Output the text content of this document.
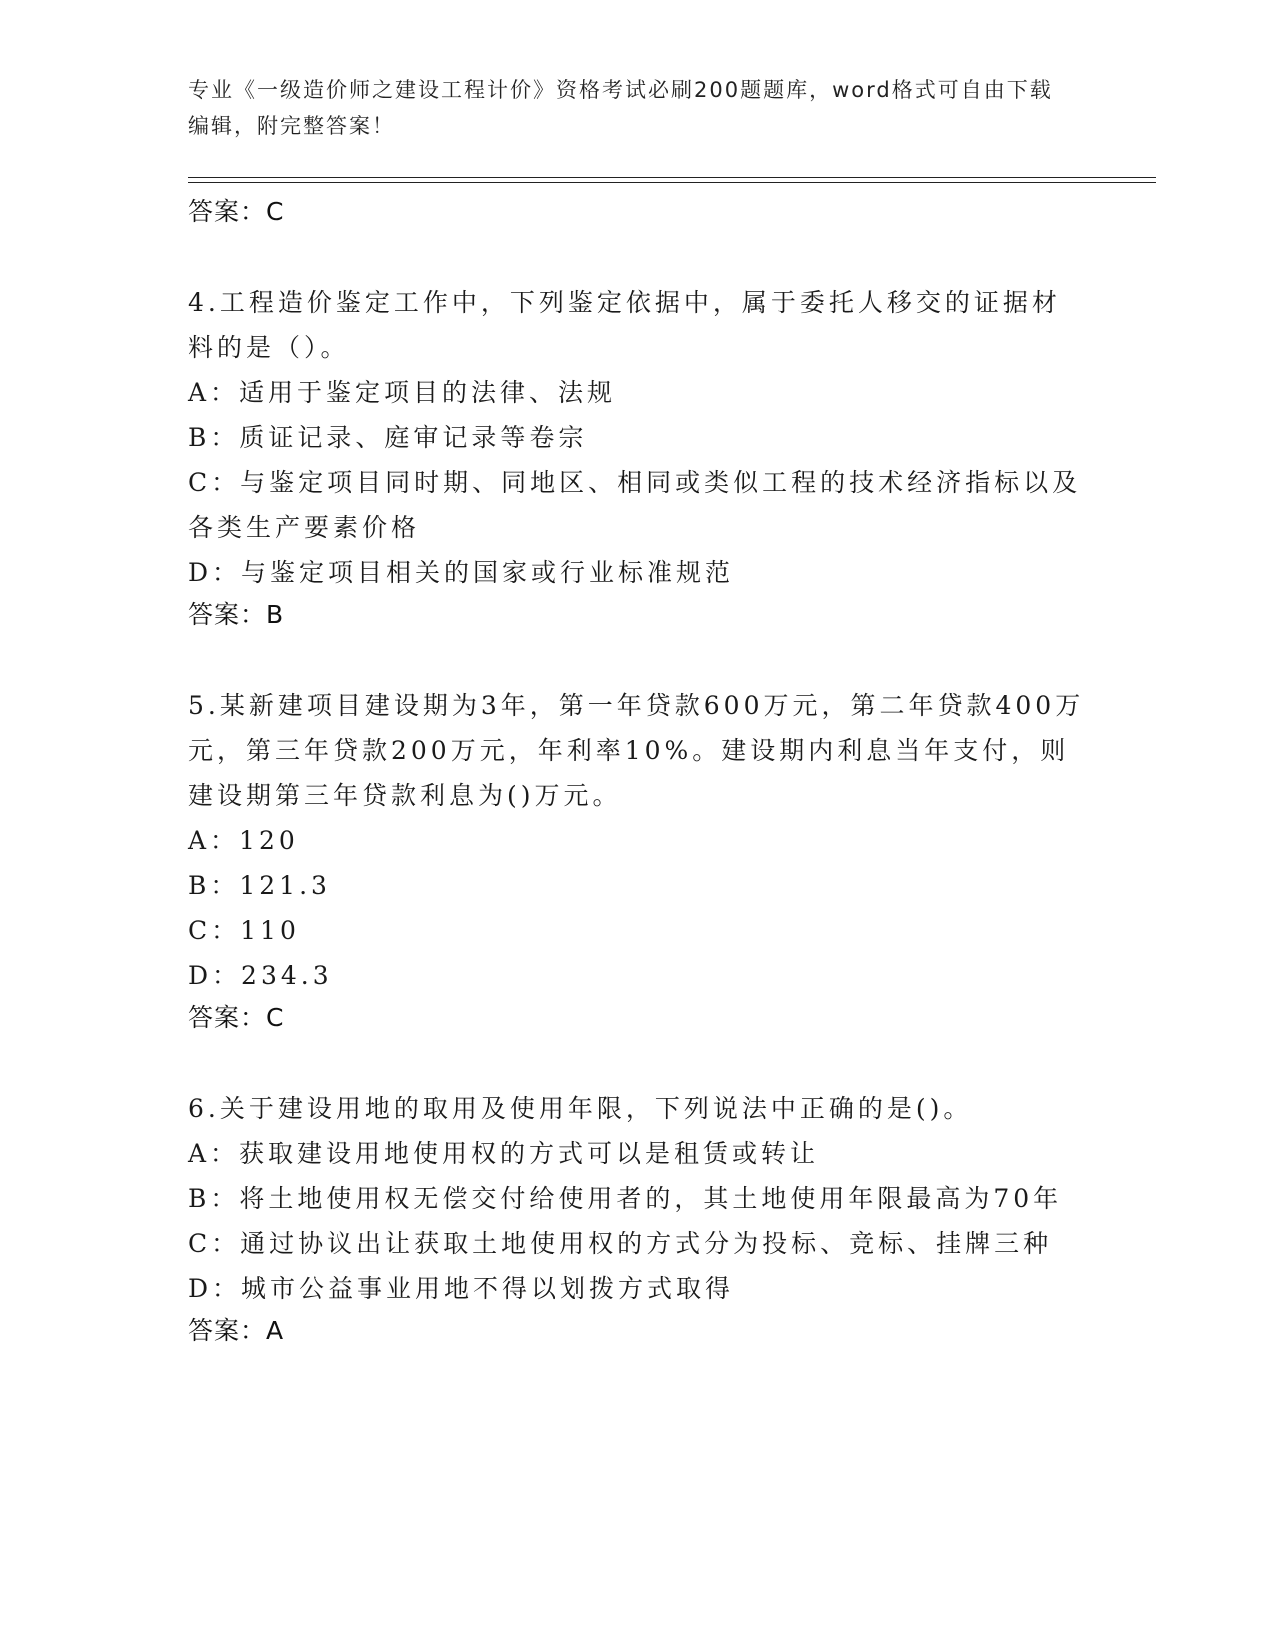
专业《一级造价师之建设工程计价》资格考试必刷200题题库，word格式可自由下载编辑，附完整答案！
答案：C
4.工程造价鉴定工作中，下列鉴定依据中，属于委托人移交的证据材料的是（）。
A：适用于鉴定项目的法律、法规
B：质证记录、庭审记录等卷宗
C：与鉴定项目同时期、同地区、相同或类似工程的技术经济指标以及各类生产要素价格
D：与鉴定项目相关的国家或行业标准规范
答案：B
5.某新建项目建设期为3年，第一年贷款600万元，第二年贷款400万元，第三年贷款200万元，年利率10%。建设期内利息当年支付，则建设期第三年贷款利息为()万元。
A：120
B：121.3
C：110
D：234.3
答案：C
6.关于建设用地的取用及使用年限，下列说法中正确的是()。
A：获取建设用地使用权的方式可以是租赁或转让
B：将土地使用权无偿交付给使用者的，其土地使用年限最高为70年
C：通过协议出让获取土地使用权的方式分为投标、竞标、挂牌三种
D：城市公益事业用地不得以划拨方式取得
答案：A
